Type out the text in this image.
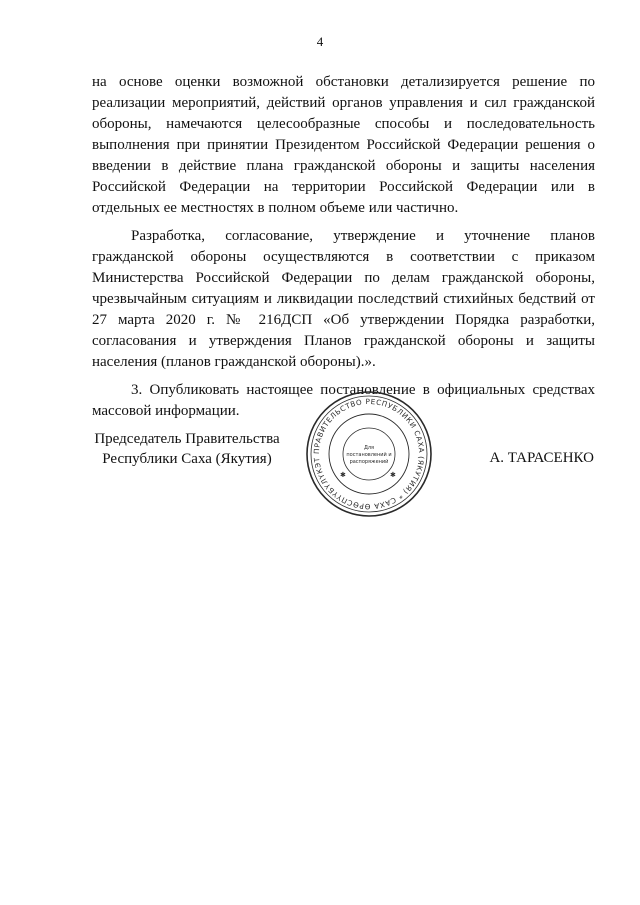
4

на основе оценки возможной обстановки детализируется решение по реализации мероприятий, действий органов управления и сил гражданской обороны, намечаются целесообразные способы и последовательность выполнения при принятии Президентом Российской Федерации решения о введении в действие плана гражданской обороны и защиты населения Российской Федерации на территории Российской Федерации или в отдельных ее местностях в полном объеме или частично.

Разработка, согласование, утверждение и уточнение планов гражданской обороны осуществляются в соответствии с приказом Министерства Российской Федерации по делам гражданской обороны, чрезвычайным ситуациям и ликвидации последствий стихийных бедствий от 27 марта 2020 г. № 216ДСП «Об утверждении Порядка разработки, согласования и утверждения Планов гражданской обороны и защиты населения (планов гражданской обороны).».

3. Опубликовать настоящее постановление в официальных средствах массовой информации.

Председатель Правительства
Республики Саха (Якутия)
ПРАВИТЕЛЬСТВО РЕСПУБЛИКИ САХА (ЯКУТИЯ) * САХА ӨРӨСПҮҮБҮЛҮКЭТ
Для
постановлений и
распоряжений
✱	✱
А. ТАРАСЕНКО
